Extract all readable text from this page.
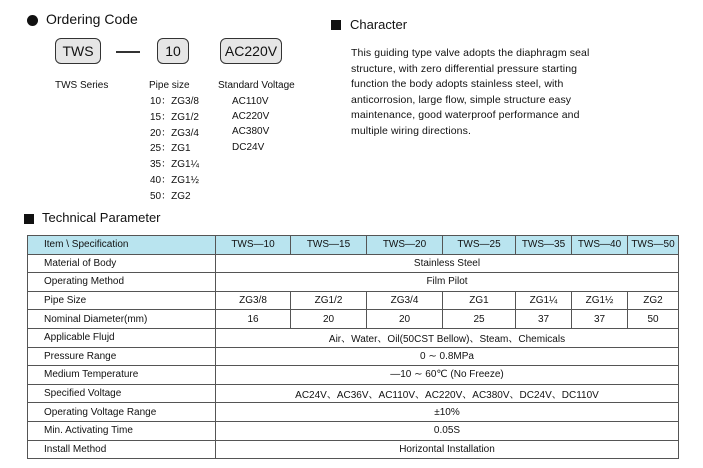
Ordering Code
TWS	10	AC220V
TWS Series	Pipe size	Standard Voltage
10：ZG3/8
15：ZG1/2
20：ZG3/4
25：ZG1
35：ZG1¼
40：ZG1½
50：ZG2
AC110V
AC220V
AC380V
DC24V
Character
This guiding type valve adopts the diaphragm seal structure, with zero differential pressure starting function the body adopts stainless steel, with anticorrosion, large flow, simple structure easy maintenance, good waterproof performance and multiple wiring directions.
Technical Parameter
Item \ Specification	TWS—10	TWS—15	TWS—20	TWS—25	TWS—35	TWS—40	TWS—50
Material of Body	Stainless Steel						
Operating Method	Film Pilot						
Pipe Size	ZG3/8	ZG1/2	ZG3/4	ZG1	ZG1¼	ZG1½	ZG2
Nominal Diameter(mm)	16	20	20	25	37	37	50
Applicable Flujd	Air、Water、Oil(50CST Bellow)、Steam、Chemicals						
Pressure Range	0 ∼ 0.8MPa						
Medium Temperature	—10 ∼ 60℃ (No Freeze)						
Specified Voltage	AC24V、AC36V、AC110V、AC220V、AC380V、DC24V、DC110V						
Operating Voltage Range	±10%						
Min. Activating Time	0.05S						
Install Method	Horizontal Installation						
